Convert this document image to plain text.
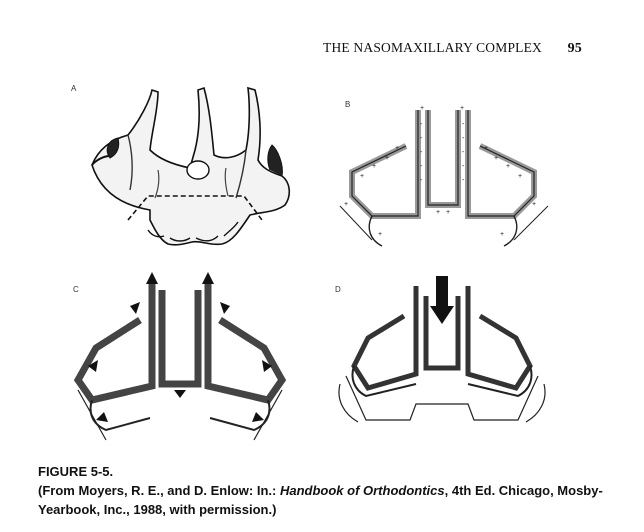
THE NASOMAXILLARY COMPLEX 95
A
B
C	D
+	+
-
-
-
-
-
-
-
-
-
-
+
+
+
+
+
+
+
+
+	+
+	+
+ +
FIGURE 5-5.
(From Moyers, R. E., and D. Enlow: In.: Handbook of Orthodontics, 4th Ed. Chicago, Mosby-Yearbook, Inc., 1988, with permission.)
